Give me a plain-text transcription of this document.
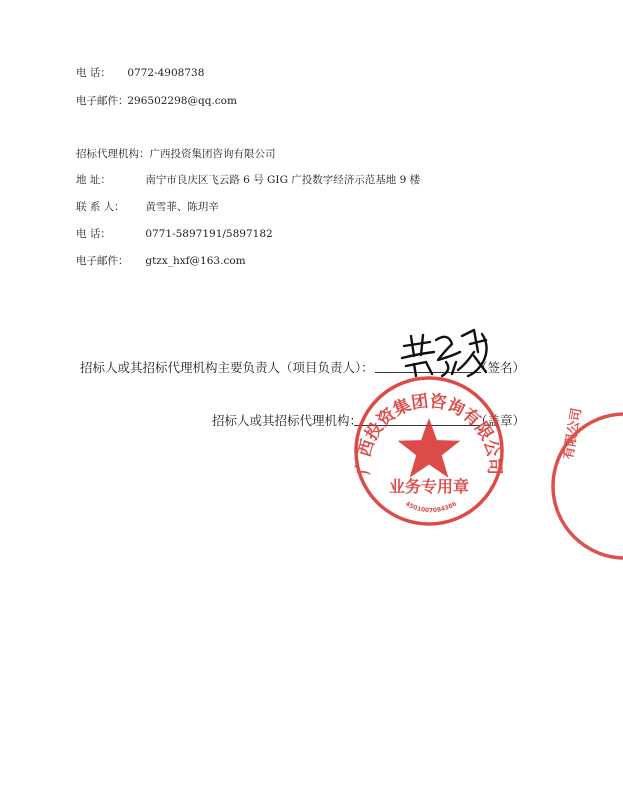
电 话： 0772-4908738
电子邮件： 296502298@qq.com
招标代理机构：广西投资集团咨询有限公司
地 址：	南宁市良庆区飞云路 6 号 GIG 广投数字经济示范基地 9 楼
联 系 人： 黄雪菲、陈玥辛
电 话：	0771-5897191/5897182
电子邮件： gtzx_hxf@163.com
招标人或其招标代理机构主要负责人（项目负责人）：	（签名）
招标人或其招标代理机构：	（盖章）
广西投资集团咨询有限公司
业务专用章
4501007084386
有限公司
